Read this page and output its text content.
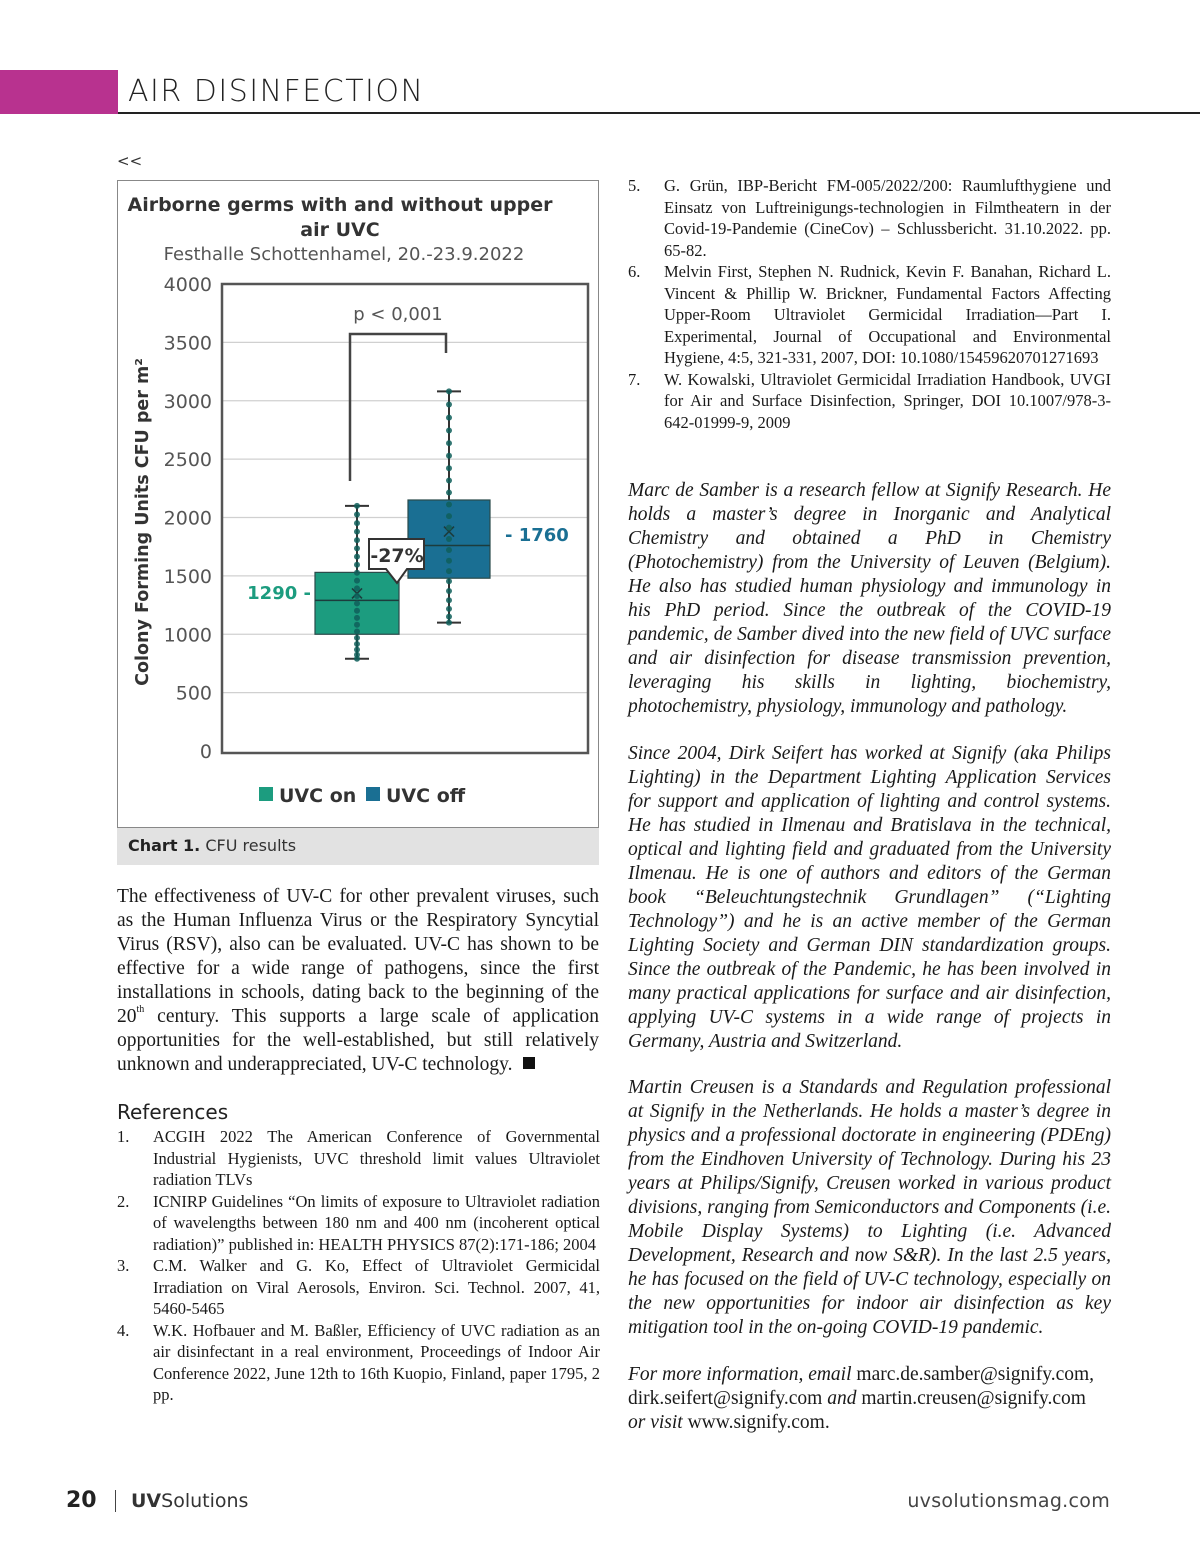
AIR DISINFECTION
<<
Airborne germs with and without upper
air UVC
Festhalle Schottenhamel, 20.-23.9.2022
Colony Forming Units CFU per m²
4000
3500
3000
2500
2000
1500
1000
500
0
p < 0,001
-27%
1290 -
- 1760
UVC on UVC off
Chart 1. CFU results

The effectiveness of UV-C for other prevalent viruses, such as the Human Influenza Virus or the Respiratory Syncytial Virus (RSV), also can be evaluated. UV-C has shown to be effective for a wide range of pathogens, since the first installations in schools, dating back to the beginning of the 20th century. This supports a large scale of application opportunities for the well-established, but still relatively unknown and underappreciated, UV-C technology.

References
1. ACGIH 2022 The American Conference of Governmental Industrial Hygienists, UVC threshold limit values Ultraviolet radiation TLVs
2. ICNIRP Guidelines “On limits of exposure to Ultraviolet radiation of wavelengths between 180 nm and 400 nm (incoherent optical radiation)” published in: HEALTH PHYSICS 87(2):171-186; 2004
3. C.M. Walker and G. Ko, Effect of Ultraviolet Germicidal Irradiation on Viral Aerosols, Environ. Sci. Technol. 2007, 41, 5460-5465
4. W.K. Hofbauer and M. Baßler, Efficiency of UVC radiation as an air disinfectant in a real environment, Proceedings of Indoor Air Conference 2022, June 12th to 16th Kuopio, Finland, paper 1795, 2 pp.
5. G. Grün, IBP-Bericht FM-005/2022/200: Raumlufthygiene und Einsatz von Luftreinigungs-technologien in Filmtheatern in der Covid-19-Pandemie (CineCov) – Schlussbericht. 31.10.2022. pp. 65-82.
6. Melvin First, Stephen N. Rudnick, Kevin F. Banahan, Richard L. Vincent & Phillip W. Brickner, Fundamental Factors Affecting Upper-Room Ultraviolet Germicidal Irradiation—Part I. Experimental, Journal of Occupational and Environmental Hygiene, 4:5, 321-331, 2007, DOI: 10.1080/15459620701271693
7. W. Kowalski, Ultraviolet Germicidal Irradiation Handbook, UVGI for Air and Surface Disinfection, Springer, DOI 10.1007/978-3-642-01999-9, 2009

Marc de Samber is a research fellow at Signify Research. He holds a master’s degree in Inorganic and Analytical Chemistry and obtained a PhD in Chemistry (Photochemistry) from the University of Leuven (Belgium). He also has studied human physiology and immunology in his PhD period. Since the outbreak of the COVID-19 pandemic, de Samber dived into the new field of UVC surface and air disinfection for disease transmission prevention, leveraging his skills in lighting, biochemistry, photochemistry, physiology, immunology and pathology.

Since 2004, Dirk Seifert has worked at Signify (aka Philips Lighting) in the Department Lighting Application Services for support and application of lighting and control systems. He has studied in Ilmenau and Bratislava in the technical, optical and lighting field and graduated from the University Ilmenau. He is one of authors and editors of the German book “Beleuchtungstechnik Grundlagen” (“Lighting Technology”) and he is an active member of the German Lighting Society and German DIN standardization groups. Since the outbreak of the Pandemic, he has been involved in many practical applications for surface and air disinfection, applying UV-C systems in a wide range of projects in Germany, Austria and Switzerland.

Martin Creusen is a Standards and Regulation professional at Signify in the Netherlands. He holds a master’s degree in physics and a professional doctorate in engineering (PDEng) from the Eindhoven University of Technology. During his 23 years at Philips/Signify, Creusen worked in various product divisions, ranging from Semiconductors and Components (i.e. Mobile Display Systems) to Lighting (i.e. Advanced Development, Research and now S&R). In the last 2.5 years, he has focused on the field of UV-C technology, especially on the new opportunities for indoor air disinfection as key mitigation tool in the on-going COVID-19 pandemic.

For more information, email marc.de.samber@signify.com,
dirk.seifert@signify.com and martin.creusen@signify.com
or visit www.signify.com.

20 UVSolutions	uvsolutionsmag.com
